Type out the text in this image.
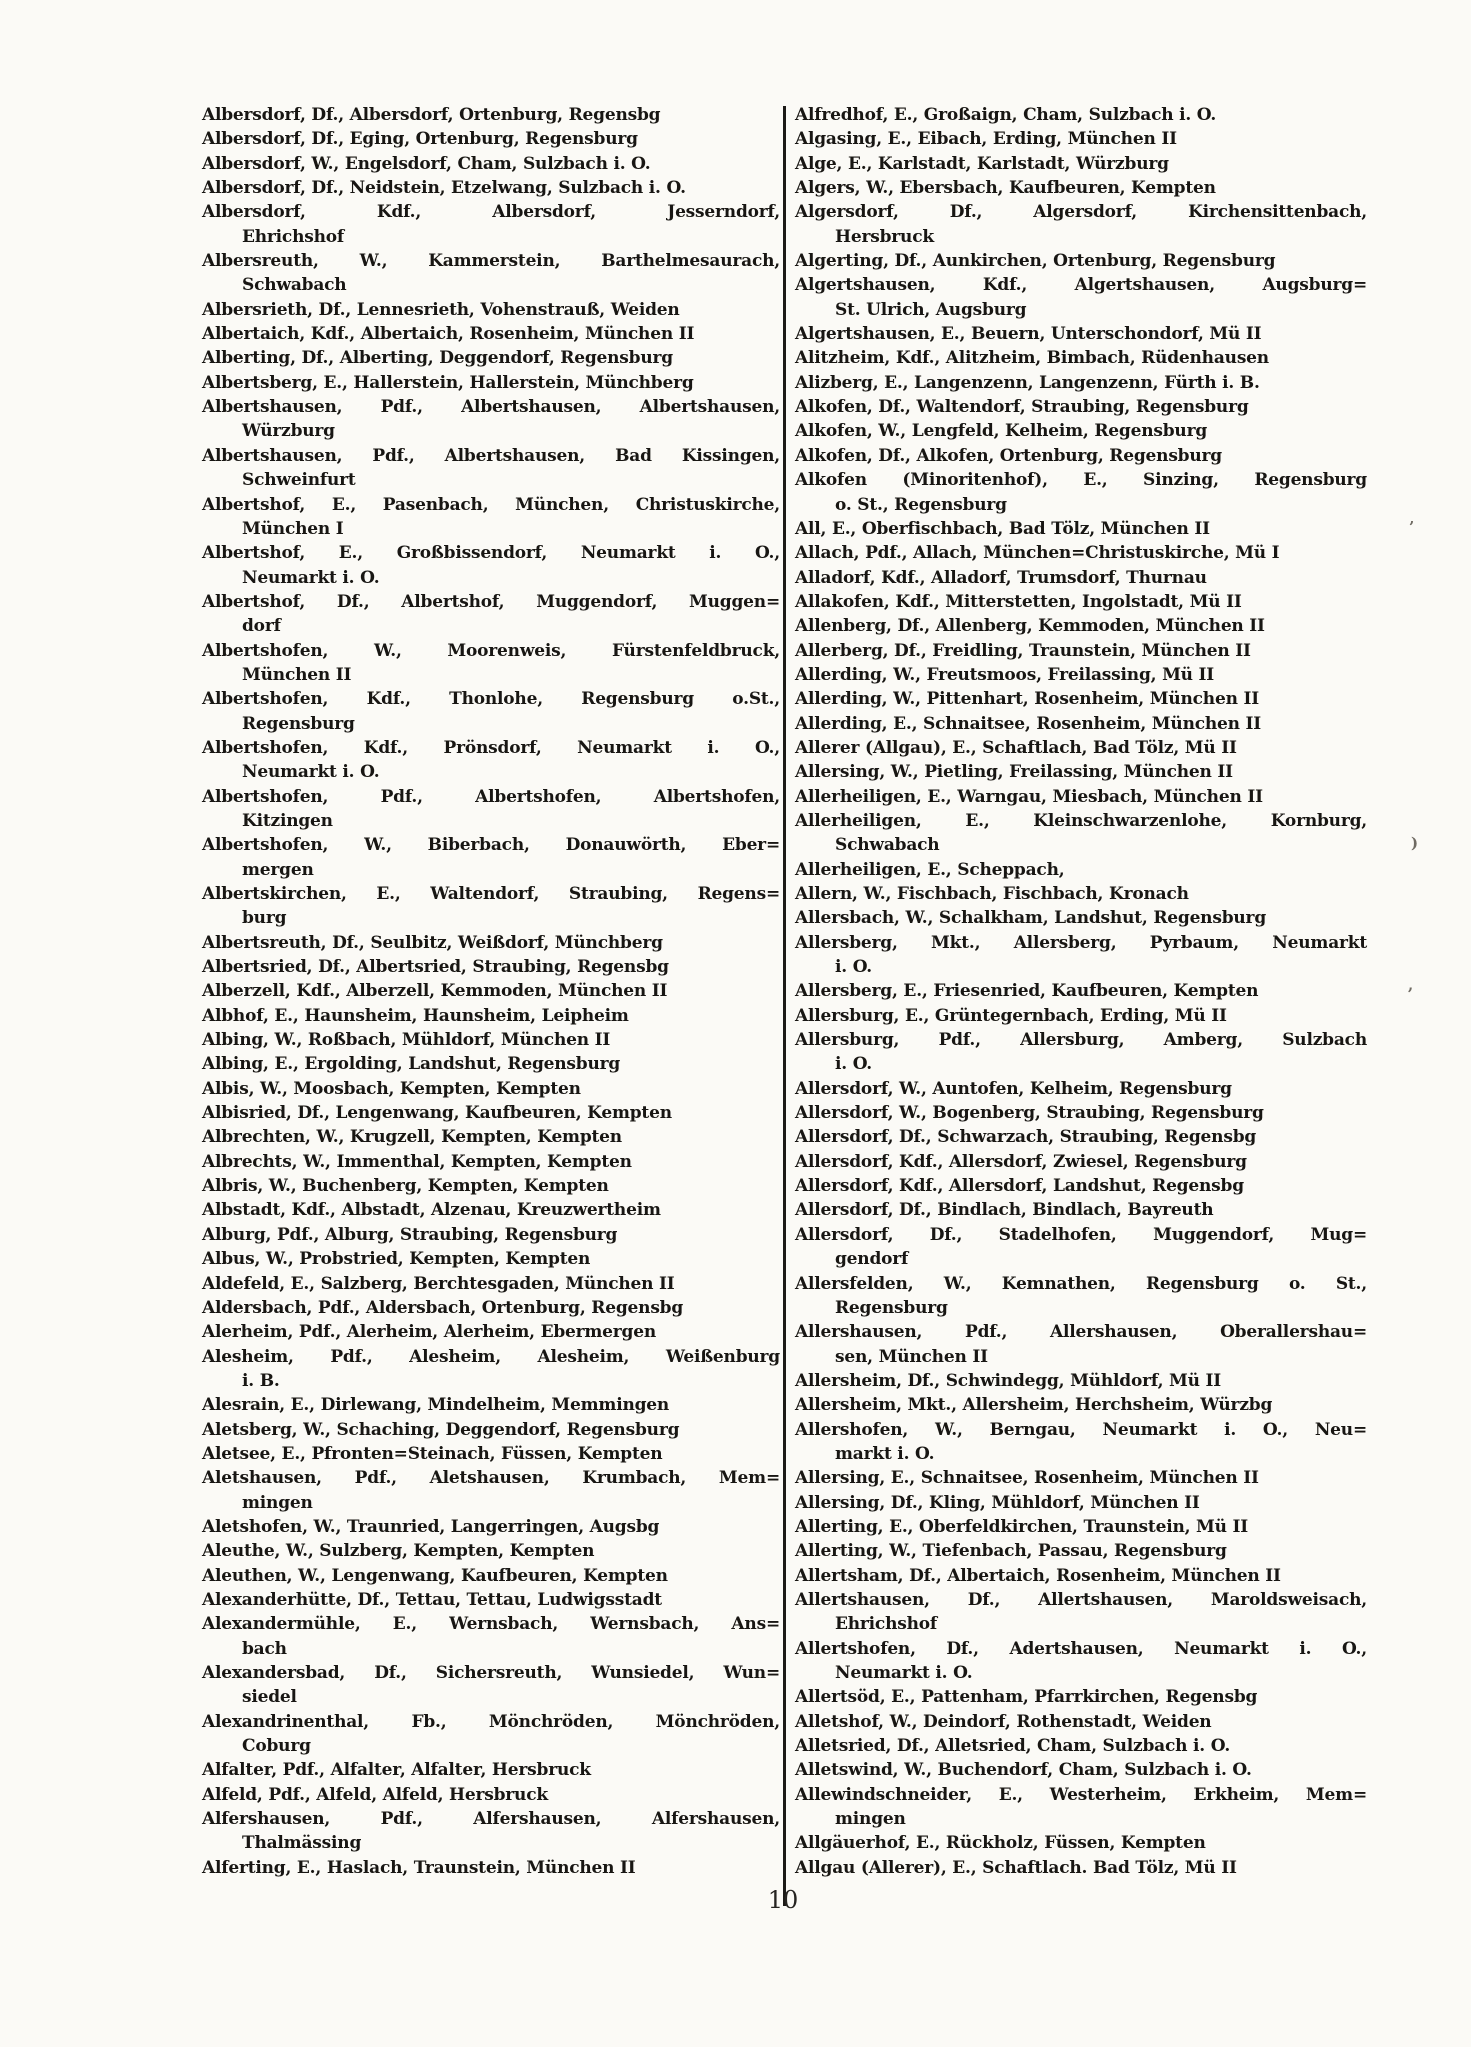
Albersdorf, Df., Albersdorf, Ortenburg, Regensbg

Albersdorf, Df., Eging, Ortenburg, Regensburg

Albersdorf, W., Engelsdorf, Cham, Sulzbach i. O.

Albersdorf, Df., Neidstein, Etzelwang, Sulzbach i. O.

Albersdorf, Kdf., Albersdorf, Jesserndorf,

Ehrichshof

Albersreuth, W., Kammerstein, Barthelmesaurach,

Schwabach

Albersrieth, Df., Lennesrieth, Vohenstrauß, Weiden

Albertaich, Kdf., Albertaich, Rosenheim, München II

Alberting, Df., Alberting, Deggendorf, Regensburg

Albertsberg, E., Hallerstein, Hallerstein, Münchberg

Albertshausen, Pdf., Albertshausen, Albertshausen,

Würzburg

Albertshausen, Pdf., Albertshausen, Bad Kissingen,

Schweinfurt

Albertshof, E., Pasenbach, München, Christuskirche,

München I

Albertshof, E., Großbissendorf, Neumarkt i. O.,

Neumarkt i. O.

Albertshof, Df., Albertshof, Muggendorf, Muggen=

dorf

Albertshofen, W., Moorenweis, Fürstenfeldbruck,

München II

Albertshofen, Kdf., Thonlohe, Regensburg o.St.,

Regensburg

Albertshofen, Kdf., Prönsdorf, Neumarkt i. O.,

Neumarkt i. O.

Albertshofen, Pdf., Albertshofen, Albertshofen,

Kitzingen

Albertshofen, W., Biberbach, Donauwörth, Eber=

mergen

Albertskirchen, E., Waltendorf, Straubing, Regens=

burg

Albertsreuth, Df., Seulbitz, Weißdorf, Münchberg

Albertsried, Df., Albertsried, Straubing, Regensbg

Alberzell, Kdf., Alberzell, Kemmoden, München II

Albhof, E., Haunsheim, Haunsheim, Leipheim

Albing, W., Roßbach, Mühldorf, München II

Albing, E., Ergolding, Landshut, Regensburg

Albis, W., Moosbach, Kempten, Kempten

Albisried, Df., Lengenwang, Kaufbeuren, Kempten

Albrechten, W., Krugzell, Kempten, Kempten

Albrechts, W., Immenthal, Kempten, Kempten

Albris, W., Buchenberg, Kempten, Kempten

Albstadt, Kdf., Albstadt, Alzenau, Kreuzwertheim

Alburg, Pdf., Alburg, Straubing, Regensburg

Albus, W., Probstried, Kempten, Kempten

Aldefeld, E., Salzberg, Berchtesgaden, München II

Aldersbach, Pdf., Aldersbach, Ortenburg, Regensbg

Alerheim, Pdf., Alerheim, Alerheim, Ebermergen

Alesheim, Pdf., Alesheim, Alesheim, Weißenburg

i. B.

Alesrain, E., Dirlewang, Mindelheim, Memmingen

Aletsberg, W., Schaching, Deggendorf, Regensburg

Aletsee, E., Pfronten=Steinach, Füssen, Kempten

Aletshausen, Pdf., Aletshausen, Krumbach, Mem=

mingen

Aletshofen, W., Traunried, Langerringen, Augsbg

Aleuthe, W., Sulzberg, Kempten, Kempten

Aleuthen, W., Lengenwang, Kaufbeuren, Kempten

Alexanderhütte, Df., Tettau, Tettau, Ludwigsstadt

Alexandermühle, E., Wernsbach, Wernsbach, Ans=

bach

Alexandersbad, Df., Sichersreuth, Wunsiedel, Wun=

siedel

Alexandrinenthal, Fb., Mönchröden, Mönchröden,

Coburg

Alfalter, Pdf., Alfalter, Alfalter, Hersbruck

Alfeld, Pdf., Alfeld, Alfeld, Hersbruck

Alfershausen, Pdf., Alfershausen, Alfershausen,

Thalmässing

Alferting, E., Haslach, Traunstein, München II

Alfredhof, E., Großaign, Cham, Sulzbach i. O.

Algasing, E., Eibach, Erding, München II

Alge, E., Karlstadt, Karlstadt, Würzburg

Algers, W., Ebersbach, Kaufbeuren, Kempten

Algersdorf, Df., Algersdorf, Kirchensittenbach,

Hersbruck

Algerting, Df., Aunkirchen, Ortenburg, Regensburg

Algertshausen, Kdf., Algertshausen, Augsburg=

St. Ulrich, Augsburg

Algertshausen, E., Beuern, Unterschondorf, Mü II

Alitzheim, Kdf., Alitzheim, Bimbach, Rüdenhausen

Alizberg, E., Langenzenn, Langenzenn, Fürth i. B.

Alkofen, Df., Waltendorf, Straubing, Regensburg

Alkofen, W., Lengfeld, Kelheim, Regensburg

Alkofen, Df., Alkofen, Ortenburg, Regensburg

Alkofen (Minoritenhof), E., Sinzing, Regensburg

o. St., Regensburg

All, E., Oberfischbach, Bad Tölz, München II

Allach, Pdf., Allach, München=Christuskirche, Mü I

Alladorf, Kdf., Alladorf, Trumsdorf, Thurnau

Allakofen, Kdf., Mitterstetten, Ingolstadt, Mü II

Allenberg, Df., Allenberg, Kemmoden, München II

Allerberg, Df., Freidling, Traunstein, München II

Allerding, W., Freutsmoos, Freilassing, Mü II

Allerding, W., Pittenhart, Rosenheim, München II

Allerding, E., Schnaitsee, Rosenheim, München II

Allerer (Allgau), E., Schaftlach, Bad Tölz, Mü II

Allersing, W., Pietling, Freilassing, München II

Allerheiligen, E., Warngau, Miesbach, München II

Allerheiligen, E., Kleinschwarzenlohe, Kornburg,

Schwabach

Allerheiligen, E., Scheppach,

Allern, W., Fischbach, Fischbach, Kronach

Allersbach, W., Schalkham, Landshut, Regensburg

Allersberg, Mkt., Allersberg, Pyrbaum, Neumarkt

i. O.

Allersberg, E., Friesenried, Kaufbeuren, Kempten

Allersburg, E., Grüntegernbach, Erding, Mü II

Allersburg, Pdf., Allersburg, Amberg, Sulzbach

i. O.

Allersdorf, W., Auntofen, Kelheim, Regensburg

Allersdorf, W., Bogenberg, Straubing, Regensburg

Allersdorf, Df., Schwarzach, Straubing, Regensbg

Allersdorf, Kdf., Allersdorf, Zwiesel, Regensburg

Allersdorf, Kdf., Allersdorf, Landshut, Regensbg

Allersdorf, Df., Bindlach, Bindlach, Bayreuth

Allersdorf, Df., Stadelhofen, Muggendorf, Mug=

gendorf

Allersfelden, W., Kemnathen, Regensburg o. St.,

Regensburg

Allershausen, Pdf., Allershausen, Oberallershau=

sen, München II

Allersheim, Df., Schwindegg, Mühldorf, Mü II

Allersheim, Mkt., Allersheim, Herchsheim, Würzbg

Allershofen, W., Berngau, Neumarkt i. O., Neu=

markt i. O.

Allersing, E., Schnaitsee, Rosenheim, München II

Allersing, Df., Kling, Mühldorf, München II

Allerting, E., Oberfeldkirchen, Traunstein, Mü II

Allerting, W., Tiefenbach, Passau, Regensburg

Allertsham, Df., Albertaich, Rosenheim, München II

Allertshausen, Df., Allertshausen, Maroldsweisach,

Ehrichshof

Allertshofen, Df., Adertshausen, Neumarkt i. O.,

Neumarkt i. O.

Allertsöd, E., Pattenham, Pfarrkirchen, Regensbg

Alletshof, W., Deindorf, Rothenstadt, Weiden

Alletsried, Df., Alletsried, Cham, Sulzbach i. O.

Alletswind, W., Buchendorf, Cham, Sulzbach i. O.

Allewindschneider, E., Westerheim, Erkheim, Mem=

mingen

Allgäuerhof, E., Rückholz, Füssen, Kempten

Allgau (Allerer), E., Schaftlach. Bad Tölz, Mü II

10
’
)
,
